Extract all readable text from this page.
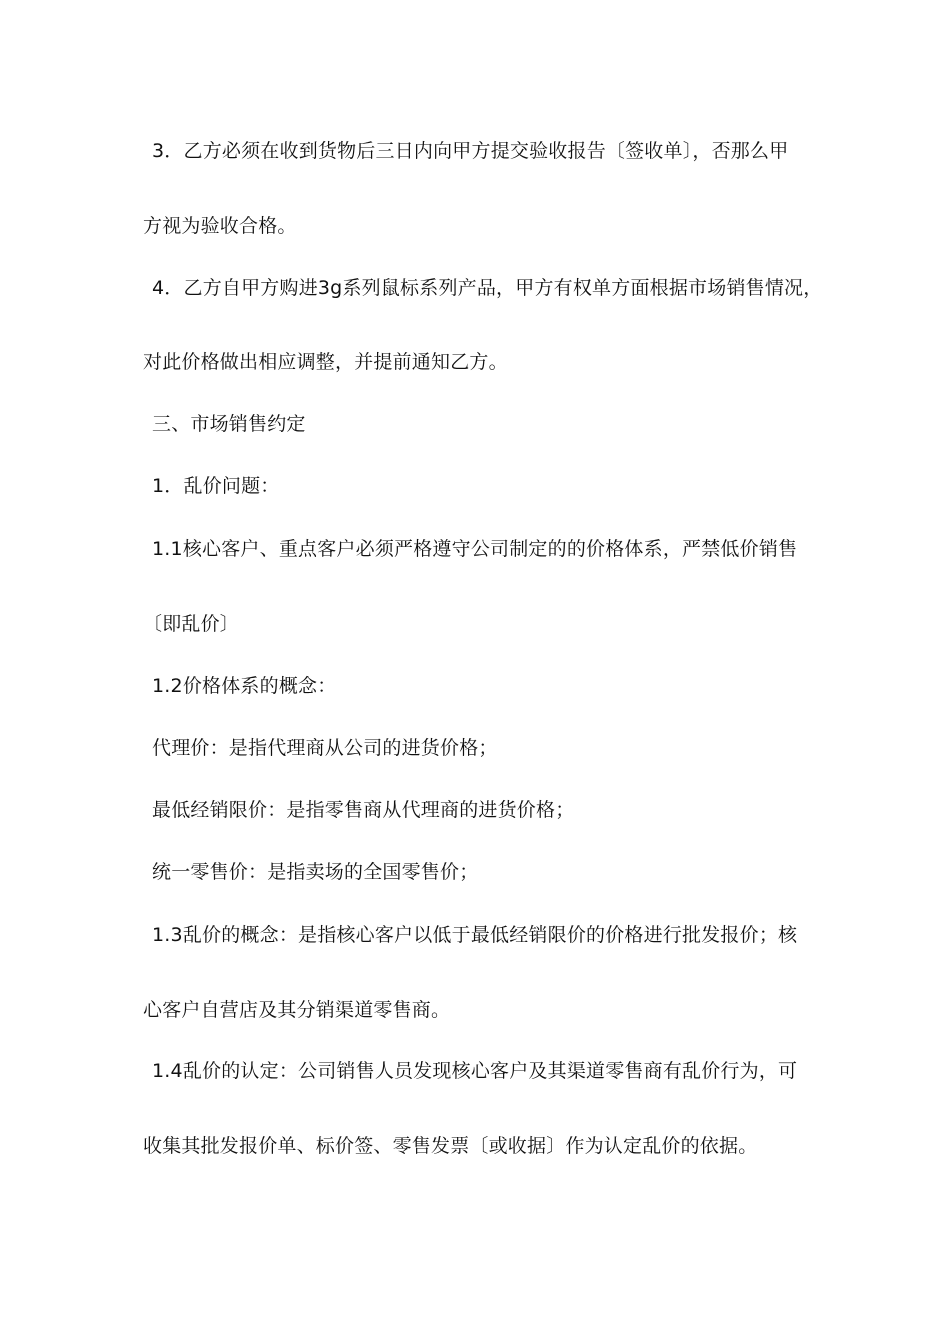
3．乙方必须在收到货物后三日内向甲方提交验收报告〔签收单〕，否那么甲

方视为验收合格。

4．乙方自甲方购进3g系列鼠标系列产品，甲方有权单方面根据市场销售情况，

对此价格做出相应调整，并提前通知乙方。

三、市场销售约定

1．乱价问题：

1.1核心客户、重点客户必须严格遵守公司制定的的价格体系，严禁低价销售

〔即乱价〕

1.2价格体系的概念：

代理价：是指代理商从公司的进货价格；

最低经销限价：是指零售商从代理商的进货价格；

统一零售价：是指卖场的全国零售价；

1.3乱价的概念：是指核心客户以低于最低经销限价的价格进行批发报价；核

心客户自营店及其分销渠道零售商。

1.4乱价的认定：公司销售人员发现核心客户及其渠道零售商有乱价行为，可

收集其批发报价单、标价签、零售发票〔或收据〕作为认定乱价的依据。
